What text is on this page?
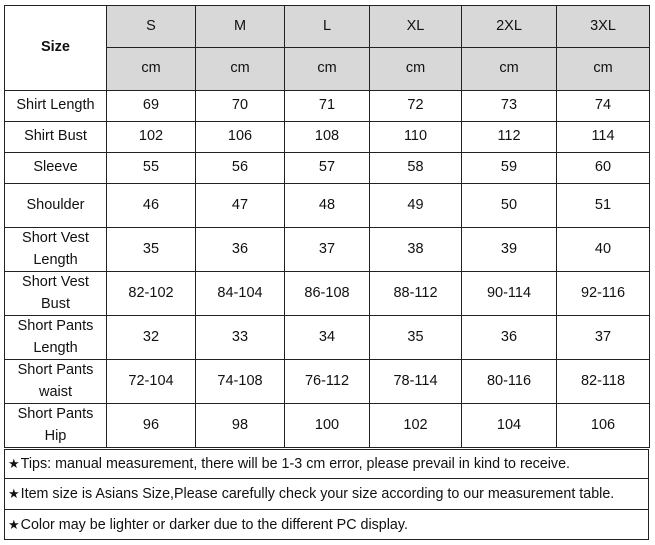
Size	S	M	L	XL	2XL	3XL
	cm	cm	cm	cm	cm	cm
Shirt Length	69	70	71	72	73	74
Shirt Bust	102	106	108	110	112	114
Sleeve	55	56	57	58	59	60
Shoulder	46	47	48	49	50	51

Short Vest
Length	35	36	37	38	39	40

Short Vest
Bust	82-102	84-104	86-108	88-112	90-114	92-116

Short Pants
Length	32	33	34	35	36	37

Short Pants
waist	72-104	74-108	76-112	78-114	80-116	82-118

Short Pants
Hip	96	98	100	102	104	106
★ Tips: manual measurement, there will be 1-3 cm error, please prevail in kind to receive.
★ Item size is Asians Size,Please carefully check your size according to our measurement table.
★ Color may be lighter or darker due to the different PC display.
